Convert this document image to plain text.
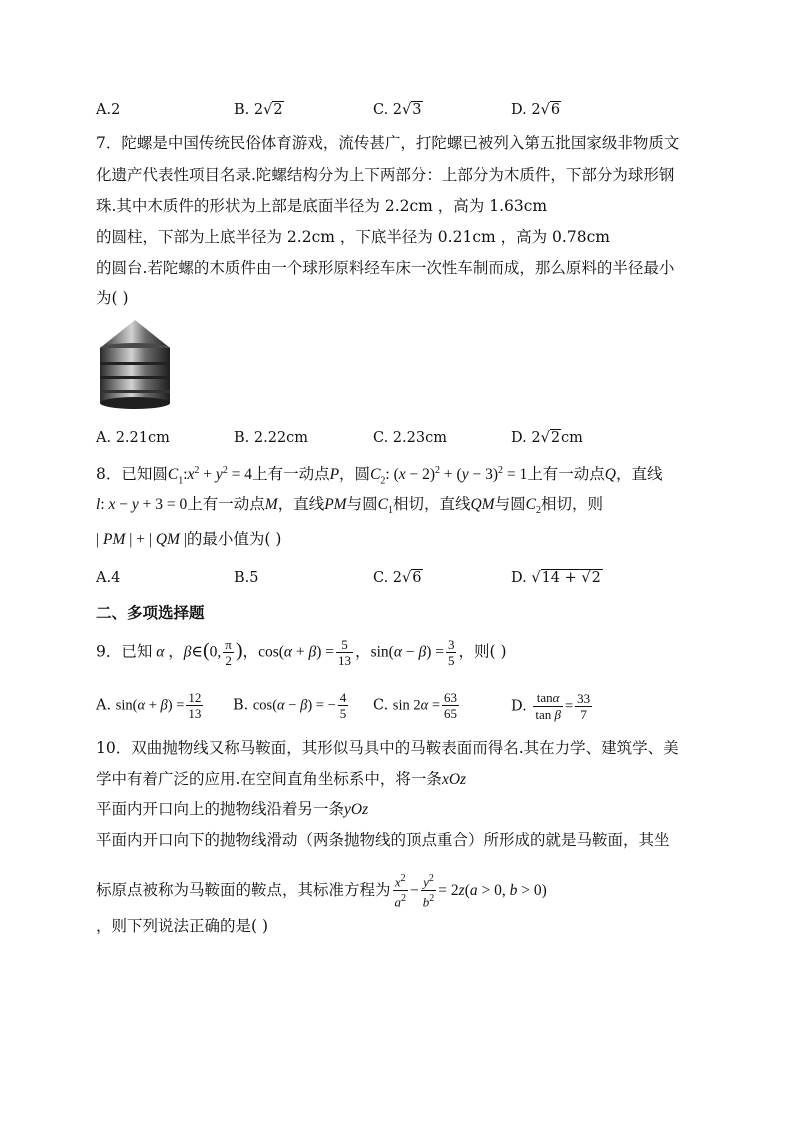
A.2	B. 2√2	C. 2√3	D. 2√6
7．陀螺是中国传统民俗体育游戏，流传甚广，打陀螺已被列入第五批国家级非物质文
化遗产代表性项目名录.陀螺结构分为上下两部分：上部分为木质件，下部分为球形钢
珠.其中木质件的形状为上部是底面半径为 2.2cm ，高为 1.63cm
的圆柱，下部为上底半径为 2.2cm ，下底半径为 0.21cm ，高为 0.78cm
的圆台.若陀螺的木质件由一个球形原料经车床一次性车制而成，那么原料的半径最小
为( )
A. 2.21cm	B. 2.22cm	C. 2.23cm	D. 2√2cm
8．已知圆$C_1:x^2 + y^2 = 4$上有一动点P，圆$C_2$: $(x - 2)^2 + (y - 3)^2 = 1$上有一动点Q，直线
l: x − y + 3 = 0上有一动点M，直线PM与圆$C_1$相切，直线QM与圆$C_2$相切，则
| PM | + | QM |的最小值为( )
A.4	B.5	C. 2√6	D. √14 + √2
二、多项选择题
9．已知 α ，β∈(0, $\frac{\pi}{2}$ )，$\cos(\alpha + \beta) = \frac{5}{13}$ ，$\sin(\alpha - \beta) = \frac{3}{5}$ ，则( )
A. $\sin(\alpha + \beta) = \frac{12}{13} B$. cos(α − β) = − $\frac{4}{5} C$. $\sin 2\alpha = \frac{63}{65}$	D. $\frac{\tan\alpha}{\text{tan β}} = \frac{33}{7}$
10．双曲抛物线又称马鞍面，其形似马具中的马鞍表面而得名.其在力学、建筑学、美
学中有着广泛的应用.在空间直角坐标系中，将一条xOz
平面内开口向上的抛物线沿着另一条yOz
平面内开口向下的抛物线滑动（两条抛物线的顶点重合）所形成的就是马鞍面，其坐
标原点被称为马鞍面的鞍点，其标准方程为 $\frac{x^2}{a^2} - \frac{y^2}{b^2} = 2z(a > 0$, b > 0)
，则下列说法正确的是( )
